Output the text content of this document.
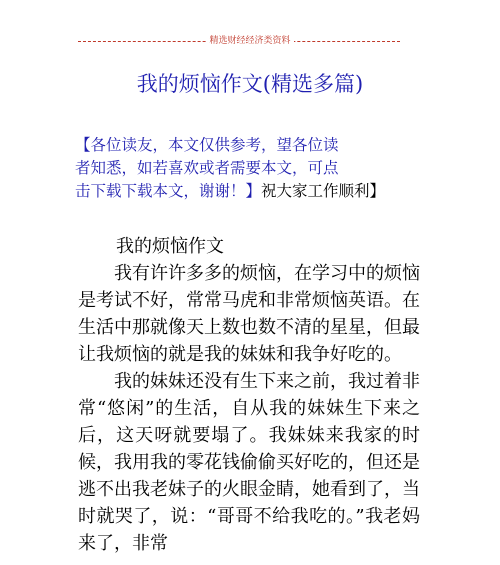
精选财经经济类资料
我的烦恼作文(精选多篇)
【各位读友，本文仅供参考，望各位读
者知悉，如若喜欢或者需要本文，可点
击下载下载本文，谢谢！】祝大家工作顺利】

我的烦恼作文

我有许许多多的烦恼，在学习中的烦恼是考试不好，常常马虎和非常烦恼英语。在生活中那就像天上数也数不清的星星，但最让我烦恼的就是我的妹妹和我争好吃的。

我的妹妹还没有生下来之前，我过着非常“悠闲”的生活，自从我的妹妹生下来之后，这天呀就要塌了。我妹妹来我家的时候，我用我的零花钱偷偷买好吃的，但还是逃不出我老妹子的火眼金睛，她看到了，当时就哭了，说：“哥哥不给我吃的。”我老妈来了，非常
